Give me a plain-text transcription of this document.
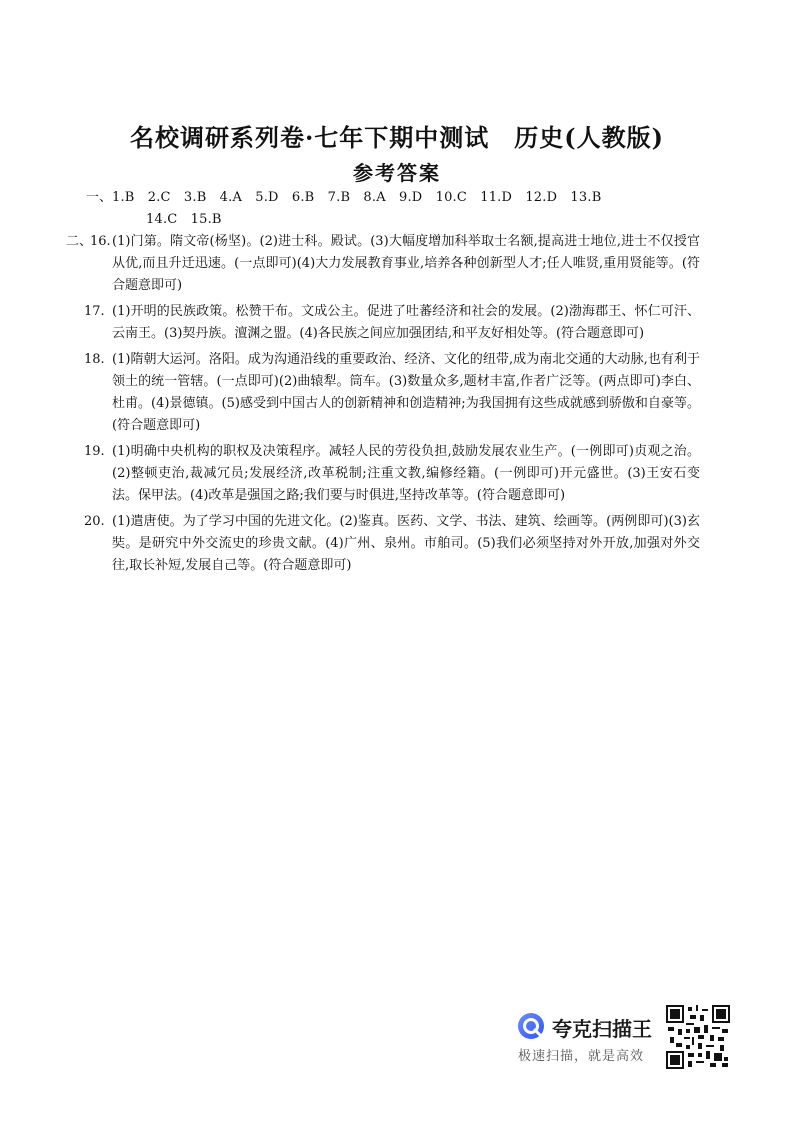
名校调研系列卷·七年下期中测试　历史(人教版)
参考答案
一、 1.B　2.C　3.B　4.A　5.D　6.B　7.B　8.A　9.D　10.C　11.D　12.D　13.B
14.C　15.B
二、
16. (1)门第。隋文帝(杨坚)。(2)进士科。殿试。(3)大幅度增加科举取士名额,提高进士地位,进士不仅授官从优,而且升迁迅速。(一点即可)(4)大力发展教育事业,培养各种创新型人才;任人唯贤,重用贤能等。(符合题意即可)
17. (1)开明的民族政策。松赞干布。文成公主。促进了吐蕃经济和社会的发展。(2)渤海郡王、怀仁可汗、云南王。(3)契丹族。澶渊之盟。(4)各民族之间应加强团结,和平友好相处等。(符合题意即可)
18. (1)隋朝大运河。洛阳。成为沟通沿线的重要政治、经济、文化的纽带,成为南北交通的大动脉,也有利于领土的统一管辖。(一点即可)(2)曲辕犁。筒车。(3)数量众多,题材丰富,作者广泛等。(两点即可)李白、杜甫。(4)景德镇。(5)感受到中国古人的创新精神和创造精神;为我国拥有这些成就感到骄傲和自豪等。(符合题意即可)
19. (1)明确中央机构的职权及决策程序。减轻人民的劳役负担,鼓励发展农业生产。(一例即可)贞观之治。(2)整顿吏治,裁减冗员;发展经济,改革税制;注重文教,编修经籍。(一例即可)开元盛世。(3)王安石变法。保甲法。(4)改革是强国之路;我们要与时俱进,坚持改革等。(符合题意即可)
20. (1)遣唐使。为了学习中国的先进文化。(2)鉴真。医药、文学、书法、建筑、绘画等。(两例即可)(3)玄奘。是研究中外交流史的珍贵文献。(4)广州、泉州。市舶司。(5)我们必须坚持对外开放,加强对外交往,取长补短,发展自己等。(符合题意即可)
夸克扫描王
极速扫描，就是高效
